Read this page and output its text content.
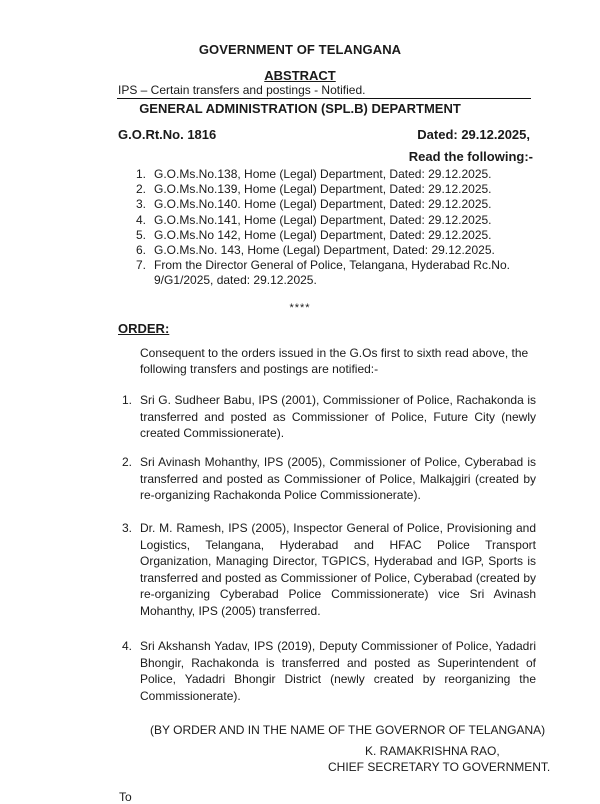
GOVERNMENT OF TELANGANA
ABSTRACT
IPS – Certain transfers and postings - Notified.
GENERAL ADMINISTRATION (SPL.B) DEPARTMENT
G.O.Rt.No. 1816	Dated: 29.12.2025,
Read the following:-
1. G.O.Ms.No.138, Home (Legal) Department, Dated: 29.12.2025.
2. G.O.Ms.No.139, Home (Legal) Department, Dated: 29.12.2025.
3. G.O.Ms.No.140. Home (Legal) Department, Dated: 29.12.2025.
4. G.O.Ms.No.141, Home (Legal) Department, Dated: 29.12.2025.
5. G.O.Ms.No 142, Home (Legal) Department, Dated: 29.12.2025.
6. G.O.Ms.No. 143, Home (Legal) Department, Dated: 29.12.2025.
7. From the Director General of Police, Telangana, Hyderabad Rc.No. 9/G1/2025, dated: 29.12.2025.
****
ORDER:
Consequent to the orders issued in the G.Os first to sixth read above, the following transfers and postings are notified:-
1. Sri G. Sudheer Babu, IPS (2001), Commissioner of Police, Rachakonda is transferred and posted as Commissioner of Police, Future City (newly created Commissionerate).
2. Sri Avinash Mohanthy, IPS (2005), Commissioner of Police, Cyberabad is transferred and posted as Commissioner of Police, Malkajgiri (created by re-organizing Rachakonda Police Commissionerate).
3. Dr. M. Ramesh, IPS (2005), Inspector General of Police, Provisioning and Logistics, Telangana, Hyderabad and HFAC Police Transport Organization, Managing Director, TGPICS, Hyderabad and IGP, Sports is transferred and posted as Commissioner of Police, Cyberabad (created by re-organizing Cyberabad Police Commissionerate) vice Sri Avinash Mohanthy, IPS (2005) transferred.
4. Sri Akshansh Yadav, IPS (2019), Deputy Commissioner of Police, Yadadri Bhongir, Rachakonda is transferred and posted as Superintendent of Police, Yadadri Bhongir District (newly created by reorganizing the Commissionerate).
(BY ORDER AND IN THE NAME OF THE GOVERNOR OF TELANGANA)
K. RAMAKRISHNA RAO,
CHIEF SECRETARY TO GOVERNMENT.
To
